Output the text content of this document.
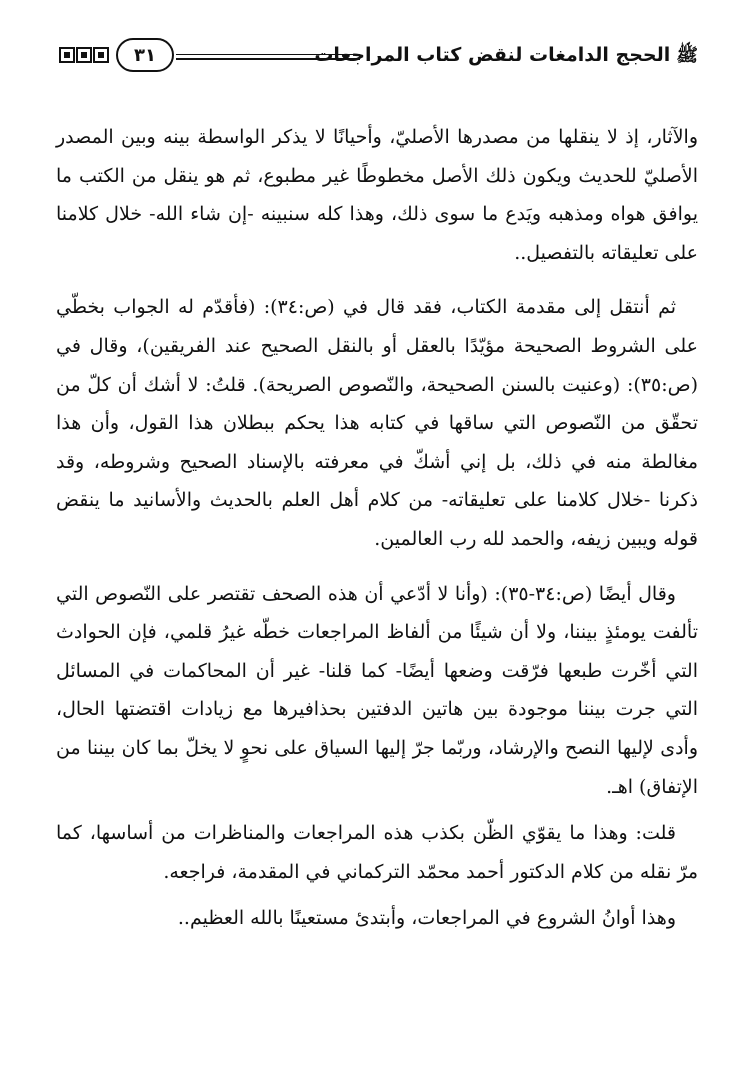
ﷺالحجج الدامغات لنقض كتاب المراجعات
٣١

والآثار، إذ لا ينقلها من مصدرها الأصليّ، وأحيانًا لا يذكر الواسطة بينه وبين المصدر الأصليّ للحديث ويكون ذلك الأصل مخطوطًا غير مطبوع، ثم هو ينقل من الكتب ما يوافق هواه ومذهبه ويَدع ما سوى ذلك، وهذا كله سنبينه -إن شاء الله- خلال كلامنا على تعليقاته بالتفصيل..

ثم أنتقل إلى مقدمة الكتاب، فقد قال في (ص:٣٤): (فأقدّم له الجواب بخطّي على الشروط الصحيحة مؤيّدًا بالعقل أو بالنقل الصحيح عند الفريقين)، وقال في (ص:٣٥): (وعنيت بالسنن الصحيحة، والنّصوص الصريحة). قلتُ: لا أشك أن كلّ من تحقّق من النّصوص التي ساقها في كتابه هذا يحكم ببطلان هذا القول، وأن هذا مغالطة منه في ذلك، بل إني أشكّ في معرفته بالإسناد الصحيح وشروطه، وقد ذكرنا -خلال كلامنا على تعليقاته- من كلام أهل العلم بالحديث والأسانيد ما ينقض قوله ويبين زيفه، والحمد لله رب العالمين.

وقال أيضًا (ص:٣٤-٣٥): (وأنا لا أدّعي أن هذه الصحف تقتصر على النّصوص التي تألفت يومئذٍ بيننا، ولا أن شيئًا من ألفاظ المراجعات خطّه غيرُ قلمي، فإن الحوادث التي أخّرت طبعها فرّقت وضعها أيضًا- كما قلنا- غير أن المحاكمات في المسائل التي جرت بيننا موجودة بين هاتين الدفتين بحذافيرها مع زيادات اقتضتها الحال، وأدى لإليها النصح والإرشاد، وربّما جرّ إليها السياق على نحوٍ لا يخلّ بما كان بيننا من الإتفاق) اهـ.

قلت: وهذا ما يقوّي الظّن بكذب هذه المراجعات والمناظرات من أساسها، كما مرّ نقله من كلام الدكتور أحمد محمّد التركماني في المقدمة، فراجعه.

وهذا أوانُ الشروع في المراجعات، وأبتدئ مستعينًا بالله العظيم..
